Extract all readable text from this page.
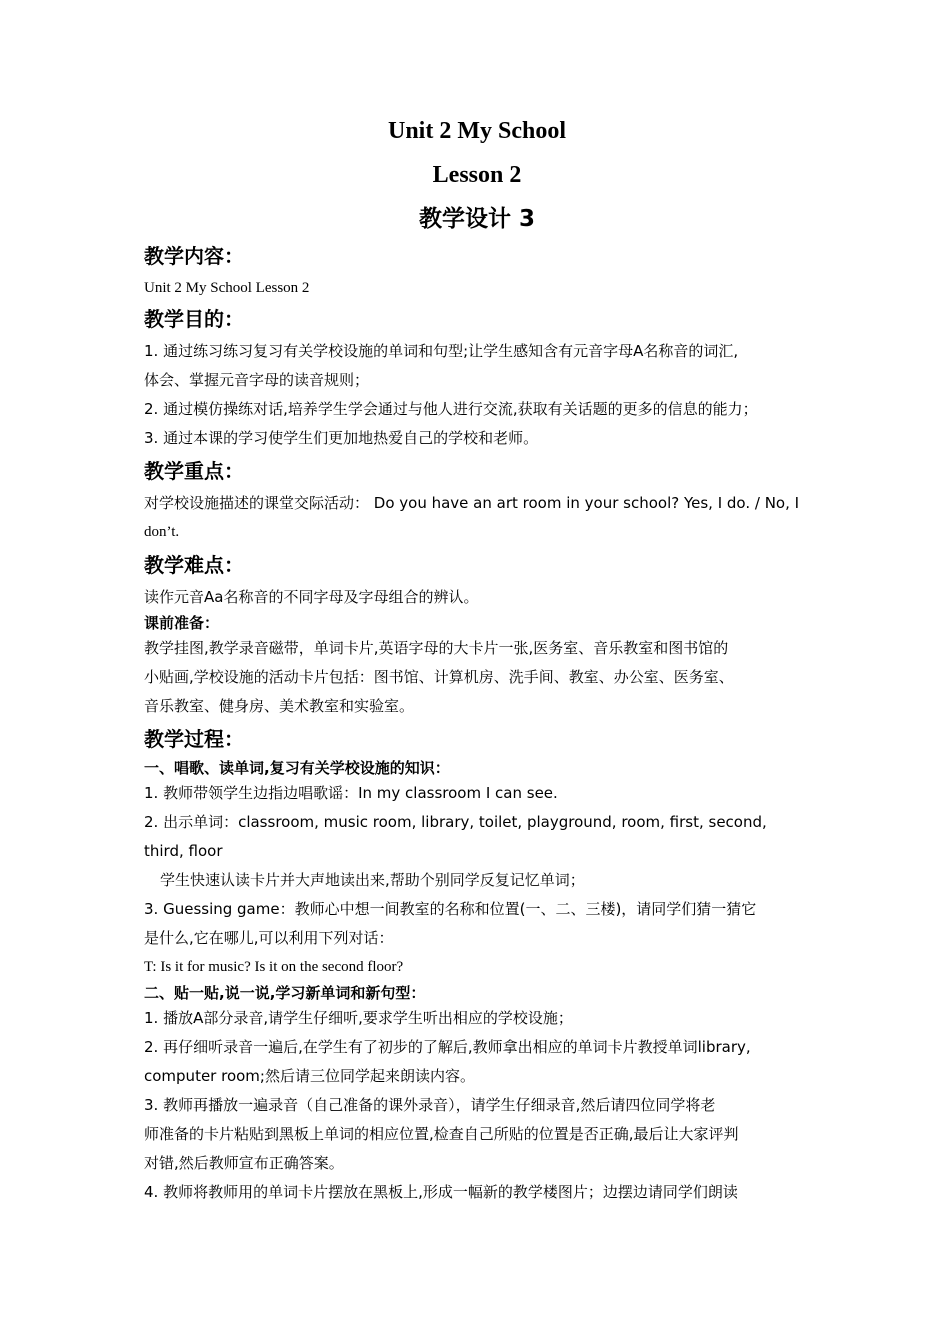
Unit 2 My School

Lesson 2

教学设计 3

教学内容：

Unit 2 My School Lesson 2

教学目的：

1. 通过练习练习复习有关学校设施的单词和句型;让学生感知含有元音字母A名称音的词汇,

体会、掌握元音字母的读音规则；

2. 通过模仿操练对话,培养学生学会通过与他人进行交流,获取有关话题的更多的信息的能力；

3. 通过本课的学习使学生们更加地热爱自己的学校和老师。

教学重点：

对学校设施描述的课堂交际活动： Do you have an art room in your school? Yes, I do. / No, I

don’t.

教学难点：

读作元音Aa名称音的不同字母及字母组合的辨认。

课前准备：

教学挂图,教学录音磁带，单词卡片,英语字母的大卡片一张,医务室、音乐教室和图书馆的

小贴画,学校设施的活动卡片包括：图书馆、计算机房、洗手间、教室、办公室、医务室、

音乐教室、健身房、美术教室和实验室。

教学过程：

一、唱歌、读单词,复习有关学校设施的知识：

1. 教师带领学生边指边唱歌谣：In my classroom I can see.

2. 出示单词：classroom, music room, library, toilet, playground, room, first, second, third, floor

学生快速认读卡片并大声地读出来,帮助个别同学反复记忆单词；

3. Guessing game：教师心中想一间教室的名称和位置(一、二、三楼)，请同学们猜一猜它

是什么,它在哪儿,可以利用下列对话：

T: Is it for music? Is it on the second floor?

二、贴一贴,说一说,学习新单词和新句型：

1. 播放A部分录音,请学生仔细听,要求学生听出相应的学校设施；

2. 再仔细听录音一遍后,在学生有了初步的了解后,教师拿出相应的单词卡片教授单词library,

computer room;然后请三位同学起来朗读内容。

3. 教师再播放一遍录音（自己准备的课外录音），请学生仔细录音,然后请四位同学将老

师准备的卡片粘贴到黑板上单词的相应位置,检查自己所贴的位置是否正确,最后让大家评判

对错,然后教师宣布正确答案。

4. 教师将教师用的单词卡片摆放在黑板上,形成一幅新的教学楼图片；边摆边请同学们朗读
